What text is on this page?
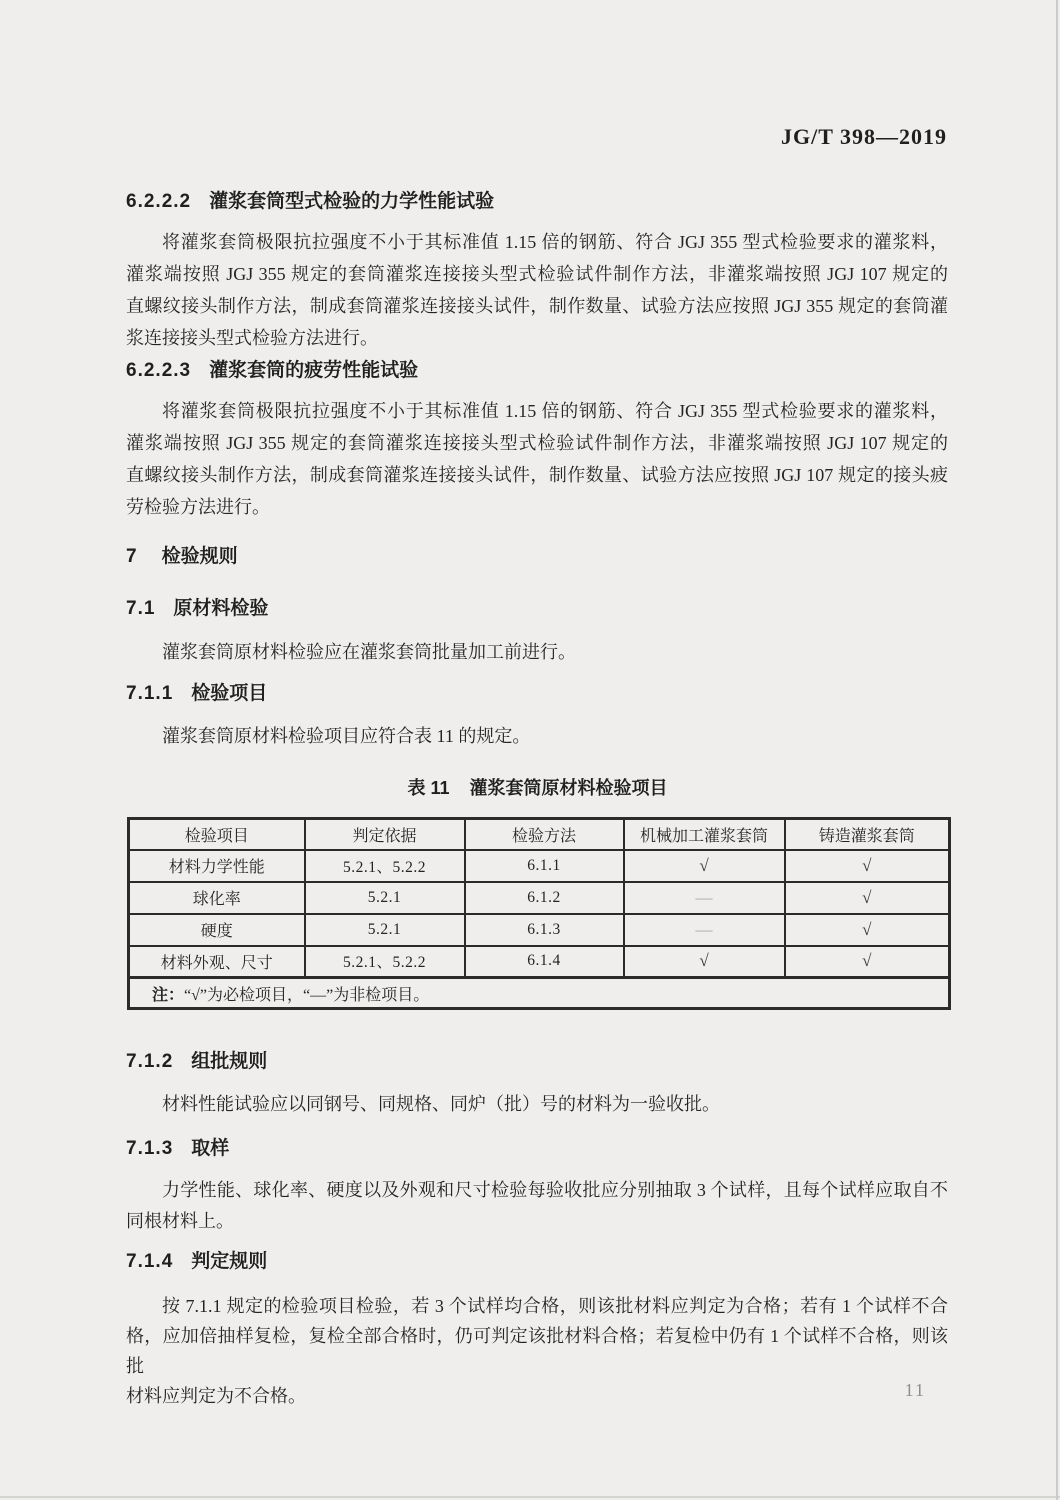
JG/T 398—2019
6.2.2.2 灌浆套筒型式检验的力学性能试验
将灌浆套筒极限抗拉强度不小于其标准值 1.15 倍的钢筋、符合 JGJ 355 型式检验要求的灌浆料，
灌浆端按照 JGJ 355 规定的套筒灌浆连接接头型式检验试件制作方法，非灌浆端按照 JGJ 107 规定的
直螺纹接头制作方法，制成套筒灌浆连接接头试件，制作数量、试验方法应按照 JGJ 355 规定的套筒灌
浆连接接头型式检验方法进行。
6.2.2.3 灌浆套筒的疲劳性能试验
将灌浆套筒极限抗拉强度不小于其标准值 1.15 倍的钢筋、符合 JGJ 355 型式检验要求的灌浆料，
灌浆端按照 JGJ 355 规定的套筒灌浆连接接头型式检验试件制作方法，非灌浆端按照 JGJ 107 规定的
直螺纹接头制作方法，制成套筒灌浆连接接头试件，制作数量、试验方法应按照 JGJ 107 规定的接头疲
劳检验方法进行。
7 检验规则
7.1 原材料检验
灌浆套筒原材料检验应在灌浆套筒批量加工前进行。
7.1.1 检验项目
灌浆套筒原材料检验项目应符合表 11 的规定。
表 11 灌浆套筒原材料检验项目
检验项目	判定依据	检验方法	机械加工灌浆套筒	铸造灌浆套筒
材料力学性能	5.2.1、5.2.2	6.1.1	√	√
球化率	5.2.1	6.1.2	—	√
硬度	5.2.1	6.1.3	—	√
材料外观、尺寸	5.2.1、5.2.2	6.1.4	√	√
注：“√”为必检项目，“—”为非检项目。				
7.1.2 组批规则
材料性能试验应以同钢号、同规格、同炉（批）号的材料为一验收批。
7.1.3 取样
力学性能、球化率、硬度以及外观和尺寸检验每验收批应分别抽取 3 个试样，且每个试样应取自不
同根材料上。
7.1.4 判定规则
按 7.1.1 规定的检验项目检验，若 3 个试样均合格，则该批材料应判定为合格；若有 1 个试样不合
格，应加倍抽样复检，复检全部合格时，仍可判定该批材料合格；若复检中仍有 1 个试样不合格，则该批
材料应判定为不合格。	11
